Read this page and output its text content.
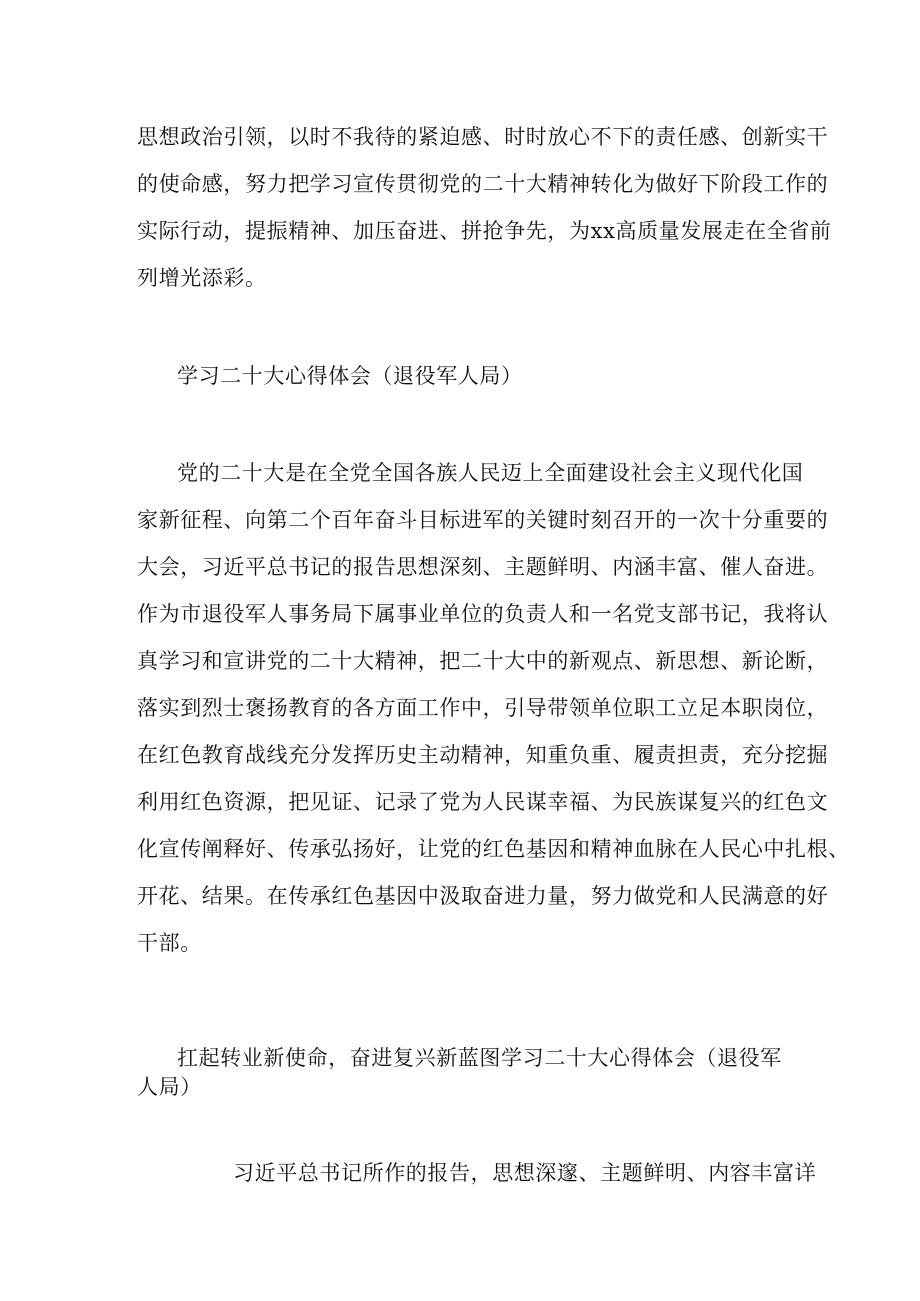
思想政治引领，以时不我待的紧迫感、时时放心不下的责任感、创新实干
的使命感，努力把学习宣传贯彻党的二十大精神转化为做好下阶段工作的
实际行动，提振精神、加压奋进、拼抢争先，为xx高质量发展走在全省前
列增光添彩。
学习二十大心得体会（退役军人局）
党的二十大是在全党全国各族人民迈上全面建设社会主义现代化国
家新征程、向第二个百年奋斗目标进军的关键时刻召开的一次十分重要的
大会，习近平总书记的报告思想深刻、主题鲜明、内涵丰富、催人奋进。
作为市退役军人事务局下属事业单位的负责人和一名党支部书记，我将认
真学习和宣讲党的二十大精神，把二十大中的新观点、新思想、新论断，
落实到烈士褒扬教育的各方面工作中，引导带领单位职工立足本职岗位，
在红色教育战线充分发挥历史主动精神，知重负重、履责担责，充分挖掘
利用红色资源，把见证、记录了党为人民谋幸福、为民族谋复兴的红色文
化宣传阐释好、传承弘扬好，让党的红色基因和精神血脉在人民心中扎根、
开花、结果。在传承红色基因中汲取奋进力量，努力做党和人民满意的好
干部。
扛起转业新使命，奋进复兴新蓝图学习二十大心得体会（退役军
人局）
习近平总书记所作的报告，思想深邃、主题鲜明、内容丰富详
